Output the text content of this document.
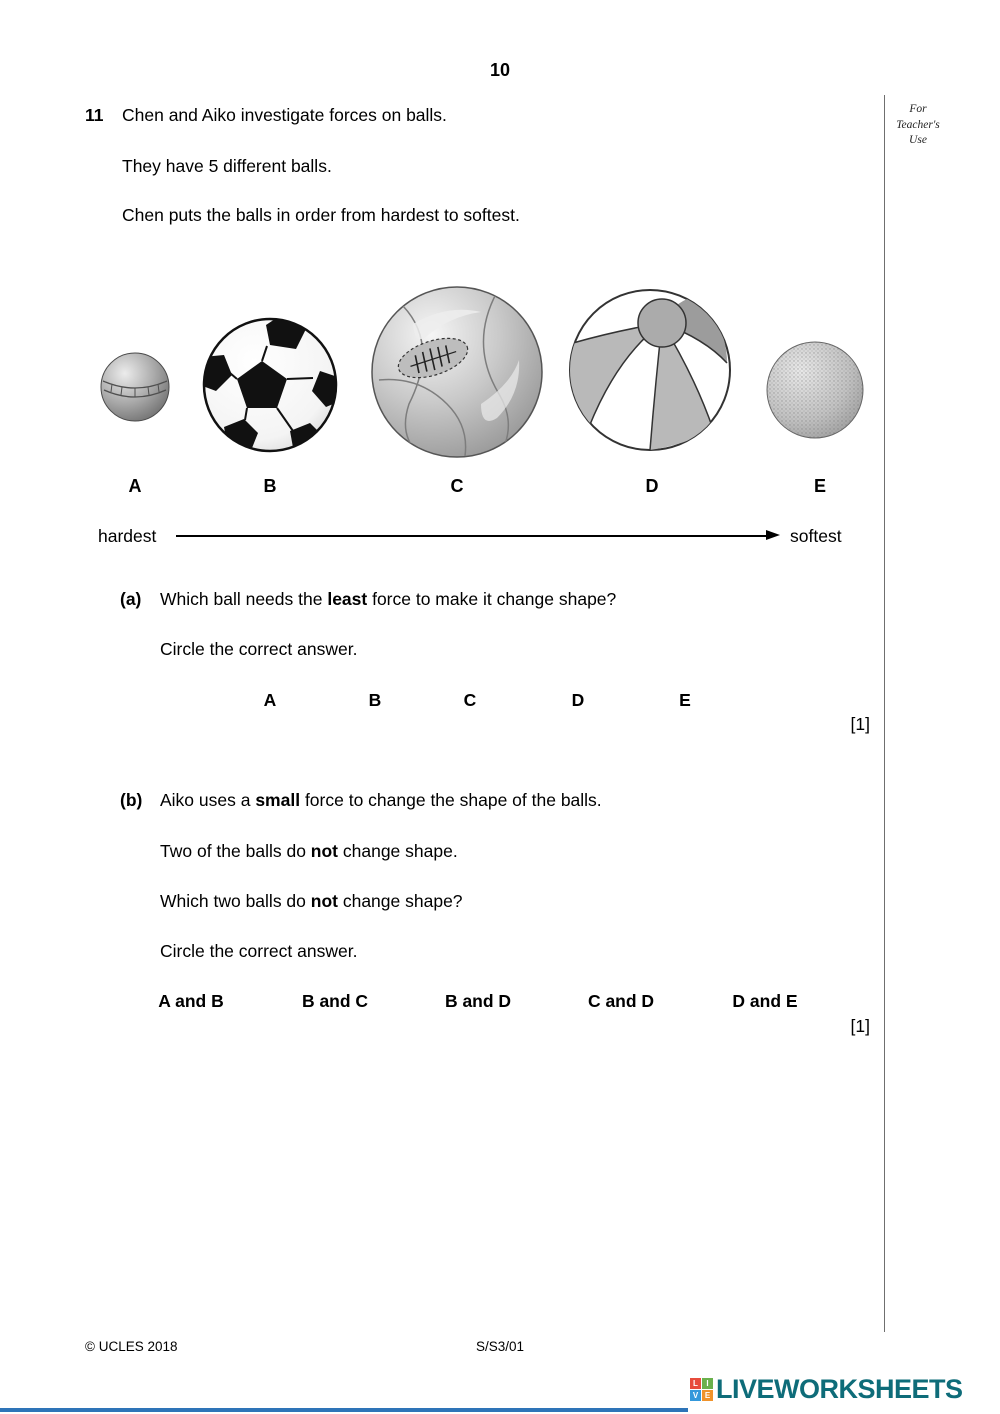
10
For
Teacher's
Use
11 Chen and Aiko investigate forces on balls.
They have 5 different balls.
Chen puts the balls in order from hardest to softest.
A	B	C	D	E
hardest	softest
(a) Which ball needs the least force to make it change shape?
Circle the correct answer.
A	B	C	D	E
[1]
(b) Aiko uses a small force to change the shape of the balls.
Two of the balls do not change shape.
Which two balls do not change shape?
Circle the correct answer.
A and B	B and C	B and D	C and D	D and E
[1]
© UCLES 2018	S/S3/01
L	I
V E LIVEWORKSHEETS
